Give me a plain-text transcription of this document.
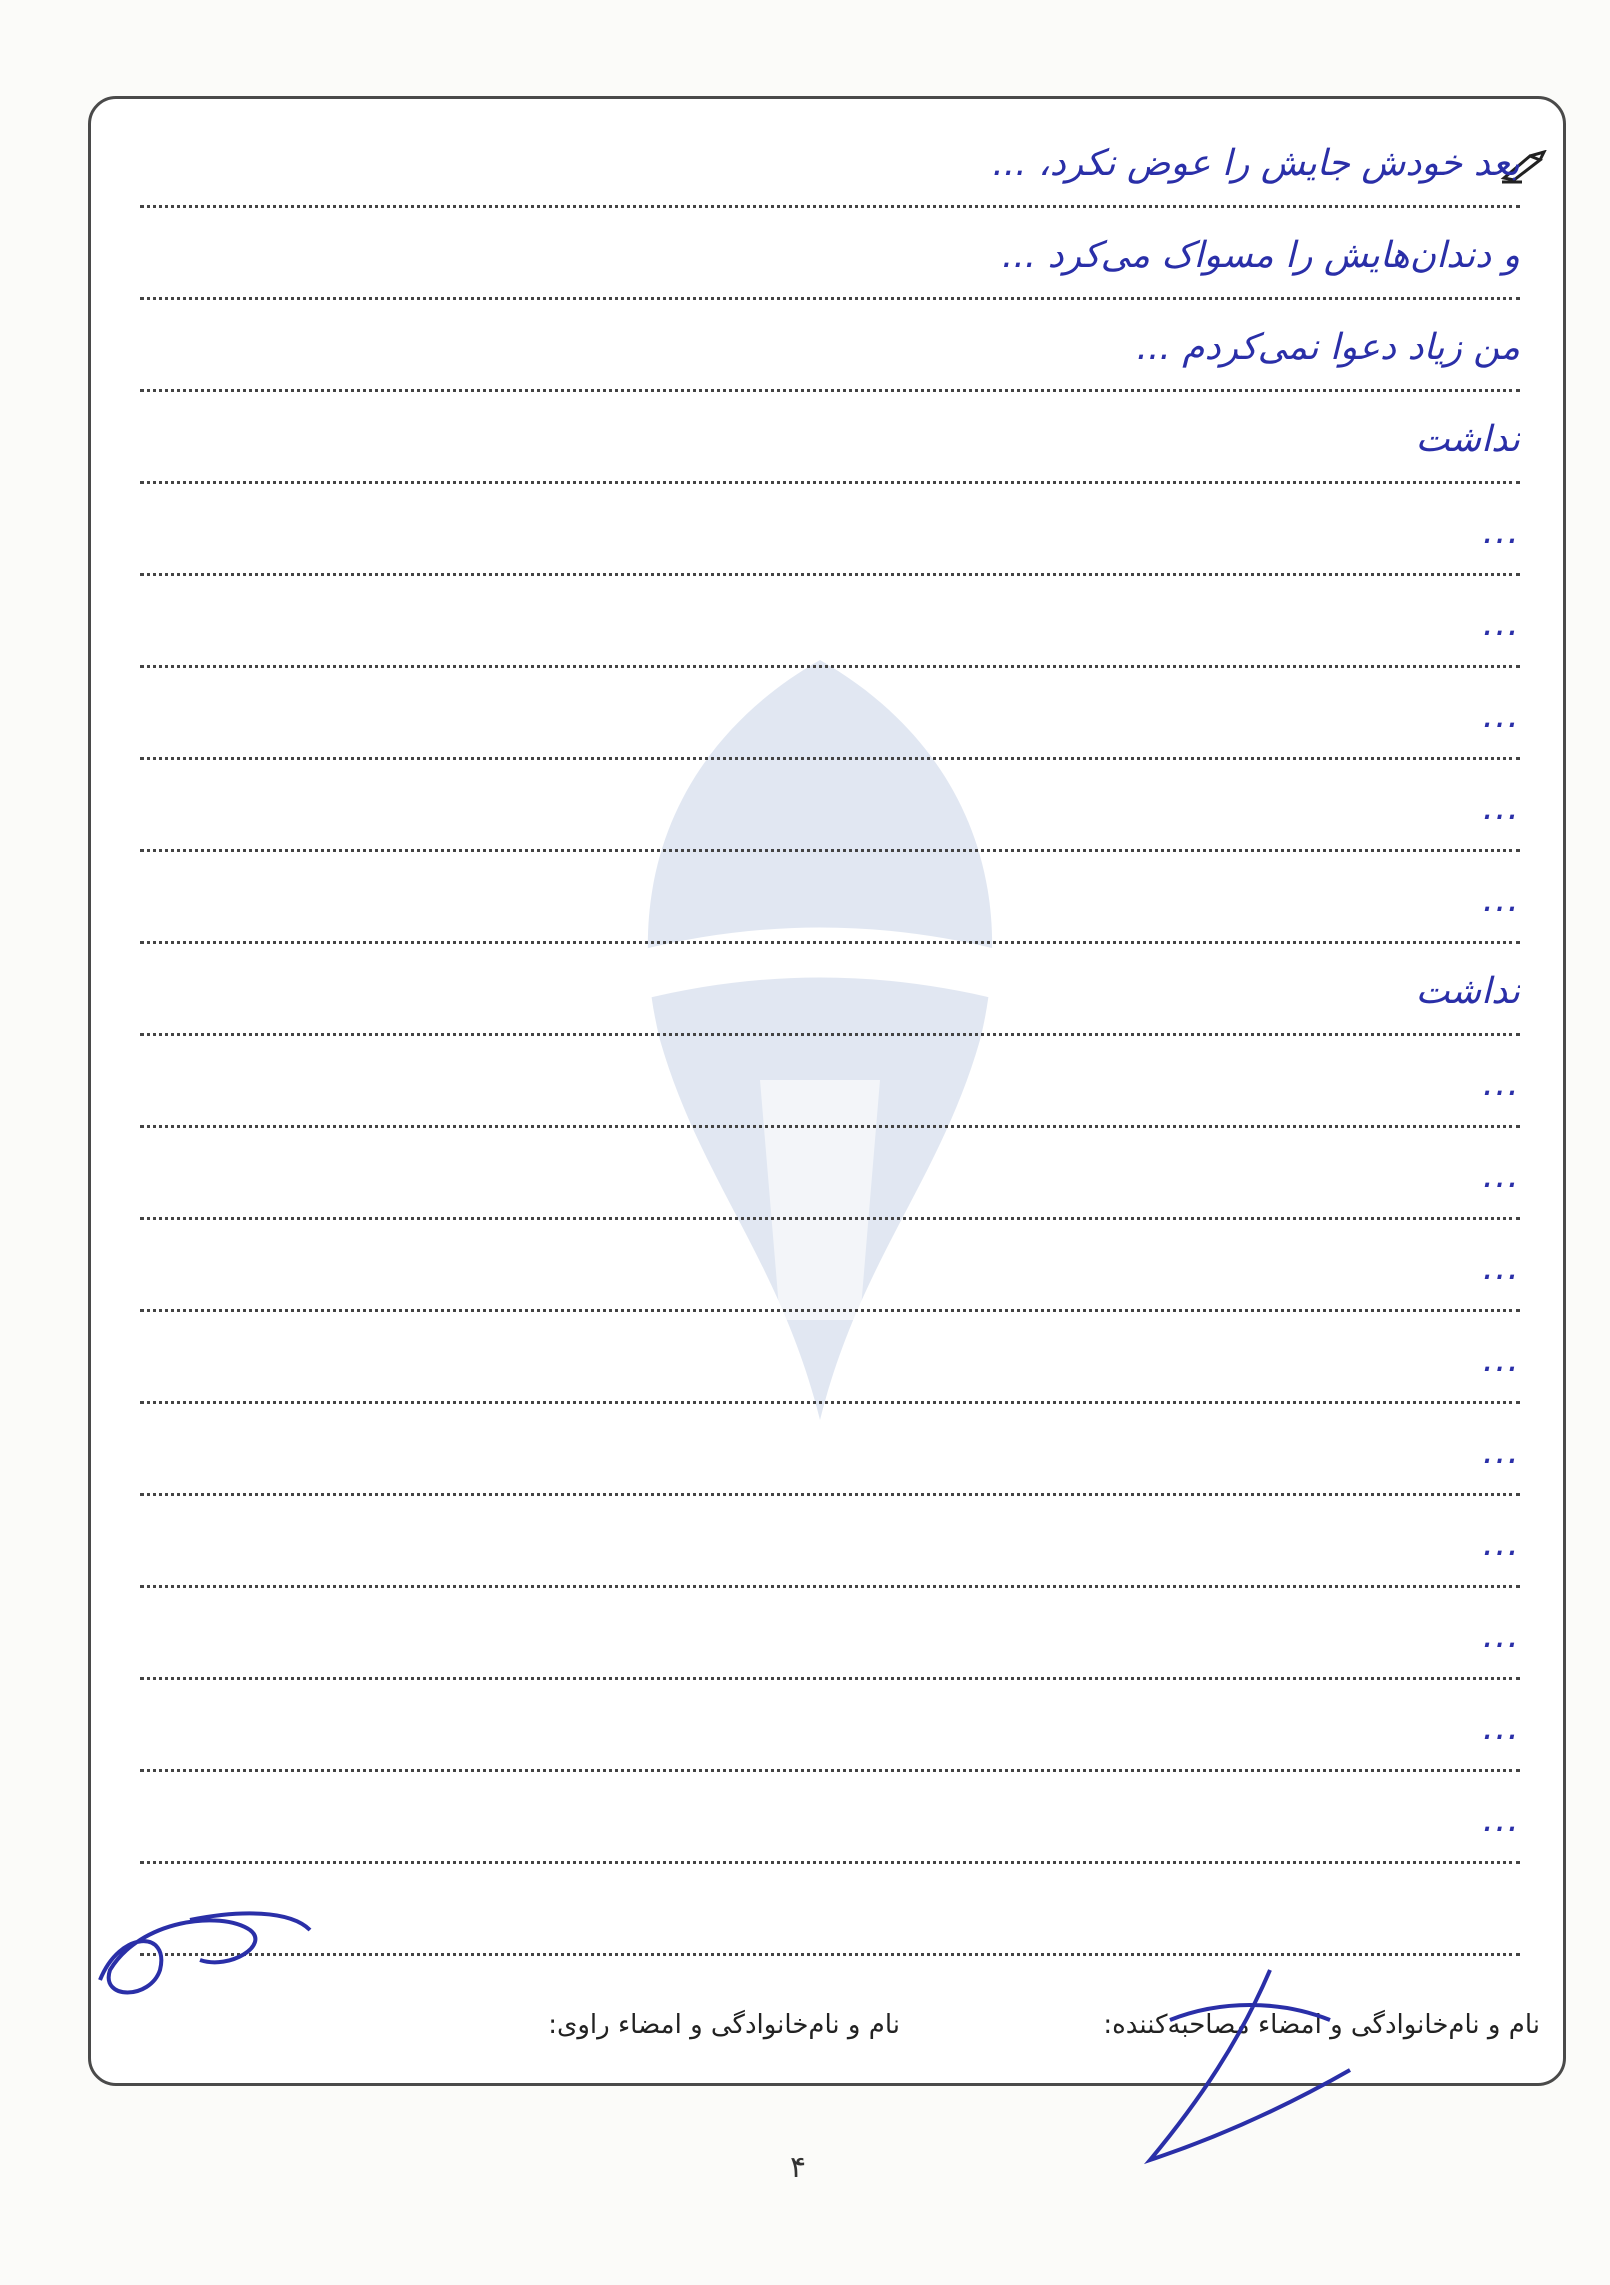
بعد خودش جایش را عوض نکرد، ...
و دندان‌هایش را مسواک می‌کرد ...
من زیاد دعوا نمی‌کردم ...
نداشت
...
...
...
...
...
نداشت
...
...
...
...
...
...
...
...
...
نام و نام‌خانوادگی و امضاء مصاحبه‌کننده:
نام و نام‌خانوادگی و امضاء راوی:
۴
